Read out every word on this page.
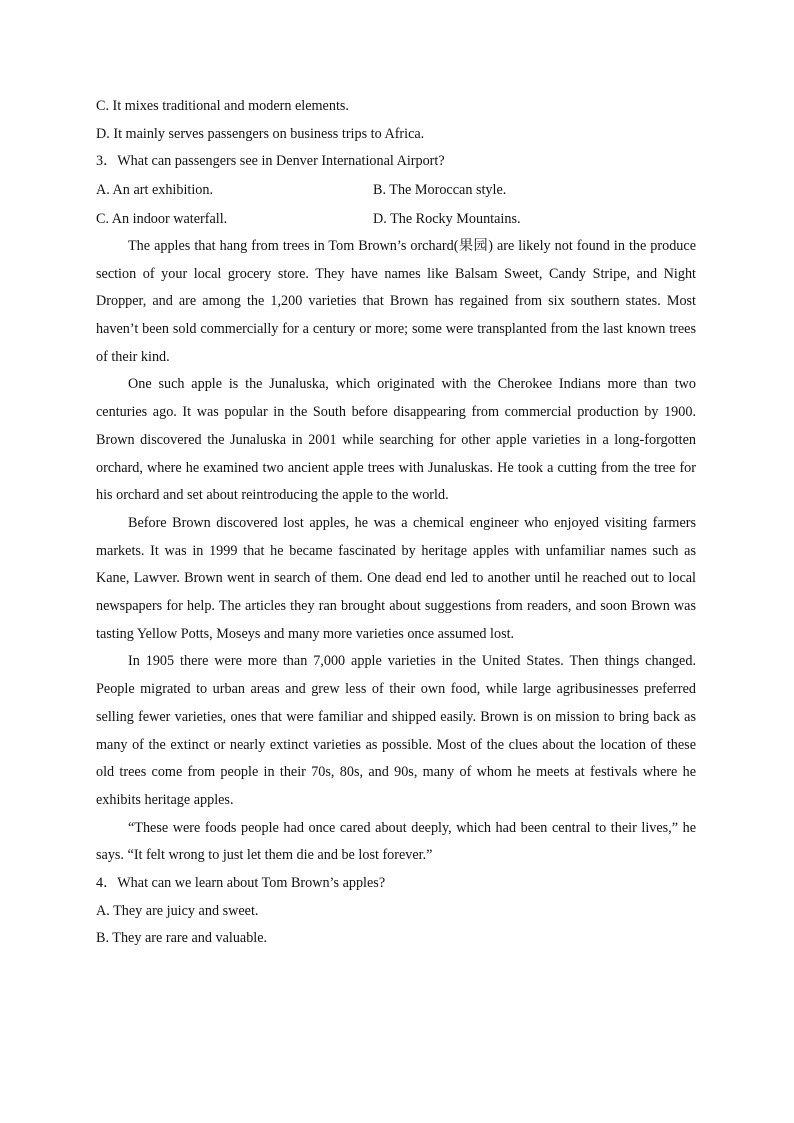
C. It mixes traditional and modern elements.

D. It mainly serves passengers on business trips to Africa.

3．What can passengers see in Denver International Airport?

A. An art exhibition.	B. The Moroccan style.
C. An indoor waterfall.	D. The Rocky Mountains.

The apples that hang from trees in Tom Brown’s orchard(果园) are likely not found in the produce section of your local grocery store. They have names like Balsam Sweet, Candy Stripe, and Night Dropper, and are among the 1,200 varieties that Brown has regained from six southern states. Most haven’t been sold commercially for a century or more; some were transplanted from the last known trees of their kind.

One such apple is the Junaluska, which originated with the Cherokee Indians more than two centuries ago. It was popular in the South before disappearing from commercial production by 1900. Brown discovered the Junaluska in 2001 while searching for other apple varieties in a long-forgotten orchard, where he examined two ancient apple trees with Junaluskas. He took a cutting from the tree for his orchard and set about reintroducing the apple to the world.

Before Brown discovered lost apples, he was a chemical engineer who enjoyed visiting farmers markets. It was in 1999 that he became fascinated by heritage apples with unfamiliar names such as Kane, Lawver. Brown went in search of them. One dead end led to another until he reached out to local newspapers for help. The articles they ran brought about suggestions from readers, and soon Brown was tasting Yellow Potts, Moseys and many more varieties once assumed lost.

In 1905 there were more than 7,000 apple varieties in the United States. Then things changed. People migrated to urban areas and grew less of their own food, while large agribusinesses preferred selling fewer varieties, ones that were familiar and shipped easily. Brown is on mission to bring back as many of the extinct or nearly extinct varieties as possible. Most of the clues about the location of these old trees come from people in their 70s, 80s, and 90s, many of whom he meets at festivals where he exhibits heritage apples.

“These were foods people had once cared about deeply, which had been central to their lives,” he says. “It felt wrong to just let them die and be lost forever.”

4．What can we learn about Tom Brown’s apples?

A. They are juicy and sweet.

B. They are rare and valuable.
